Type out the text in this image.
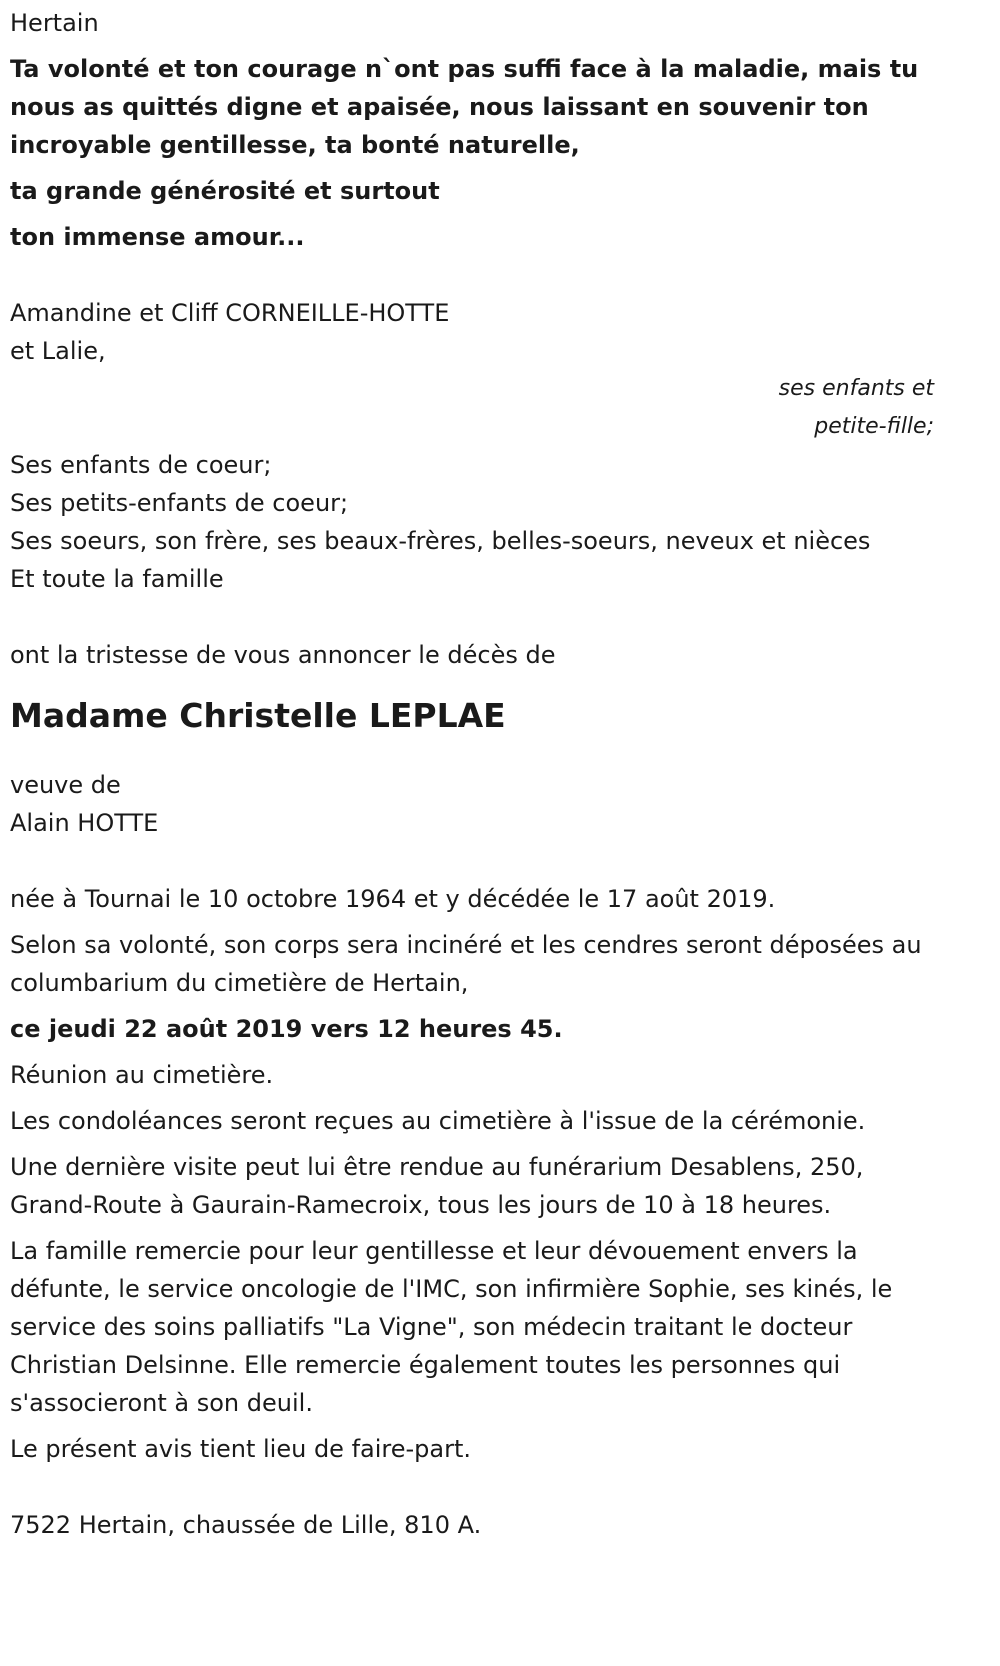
Hertain

Ta volonté et ton courage n`ont pas suffi face à la maladie, mais tu nous as quittés digne et apaisée, nous laissant en souvenir ton incroyable gentillesse, ta bonté naturelle,

ta grande générosité et surtout

ton immense amour...

Amandine et Cliff CORNEILLE-HOTTE

et Lalie,

ses enfants et

petite-fille;

Ses enfants de coeur;

Ses petits-enfants de coeur;

Ses soeurs, son frère, ses beaux-frères, belles-soeurs, neveux et nièces

Et toute la famille

ont la tristesse de vous annoncer le décès de

Madame Christelle LEPLAE

veuve de

Alain HOTTE

née à Tournai le 10 octobre 1964 et y décédée le 17 août 2019.

Selon sa volonté, son corps sera incinéré et les cendres seront déposées au columbarium du cimetière de Hertain,

ce jeudi 22 août 2019 vers 12 heures 45.

Réunion au cimetière.

Les condoléances seront reçues au cimetière à l'issue de la cérémonie.

Une dernière visite peut lui être rendue au funérarium Desablens, 250, Grand-Route à Gaurain-Ramecroix, tous les jours de 10 à 18 heures.

La famille remercie pour leur gentillesse et leur dévouement envers la défunte, le service oncologie de l'IMC, son infirmière Sophie, ses kinés, le service des soins palliatifs "La Vigne", son médecin traitant le docteur Christian Delsinne. Elle remercie également toutes les personnes qui s'associeront à son deuil.

Le présent avis tient lieu de faire-part.

7522 Hertain, chaussée de Lille, 810 A.
